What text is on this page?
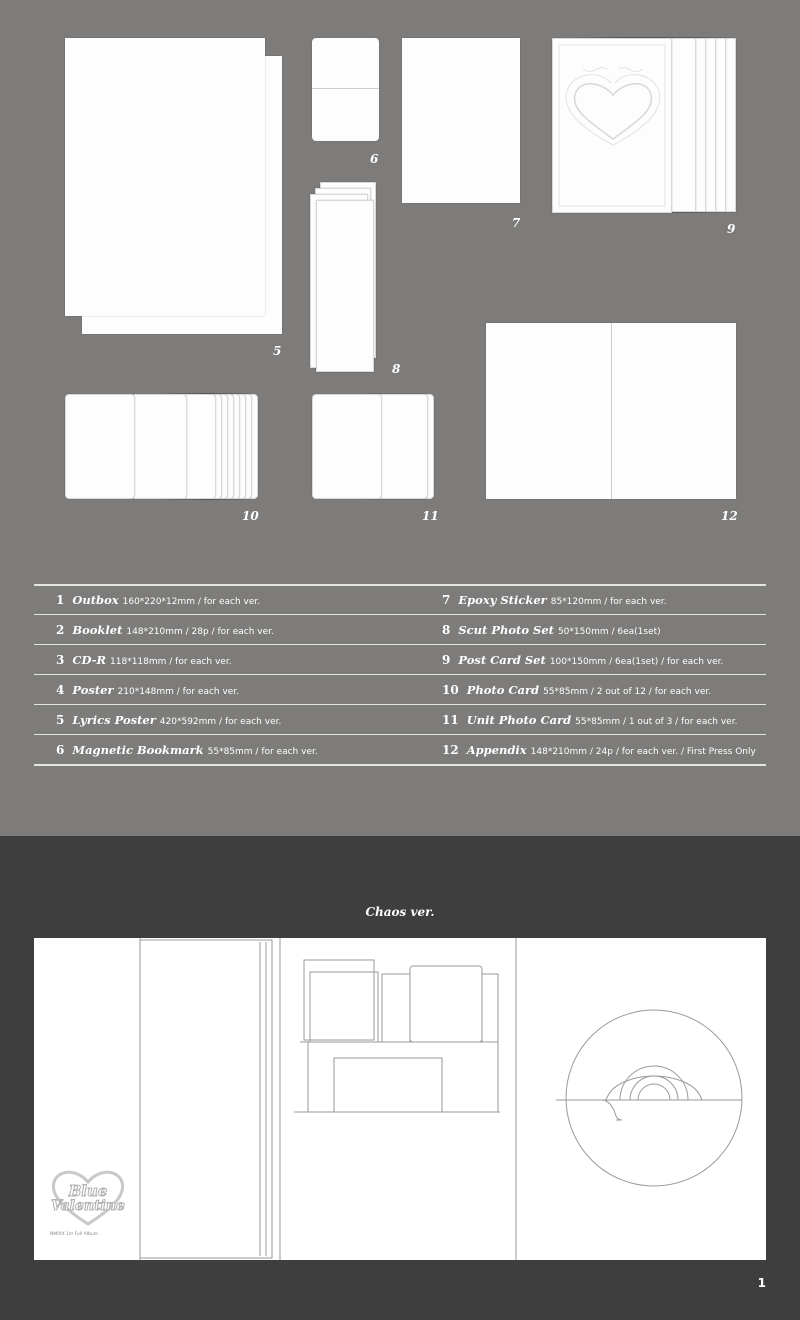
5
6
8
7	9
10	11	12
1 Outbox 160*220*12mm / for each ver.
2 Booklet 148*210mm / 28p / for each ver.
3 CD-R 118*118mm / for each ver.
4 Poster 210*148mm / for each ver.
5 Lyrics Poster 420*592mm / for each ver.
6 Magnetic Bookmark 55*85mm / for each ver.
7 Epoxy Sticker 85*120mm / for each ver.
8 Scut Photo Set 50*150mm / 6ea(1set)
9 Post Card Set 100*150mm / 6ea(1set) / for each ver.
10 Photo Card 55*85mm / 2 out of 12 / for each ver.
11 Unit Photo Card 55*85mm / 1 out of 3 / for each ver.
12 Appendix 148*210mm / 24p / for each ver. / First Press Only
Chaos ver.
Blue
Valentine
NMIXX 1st Full Album
1
